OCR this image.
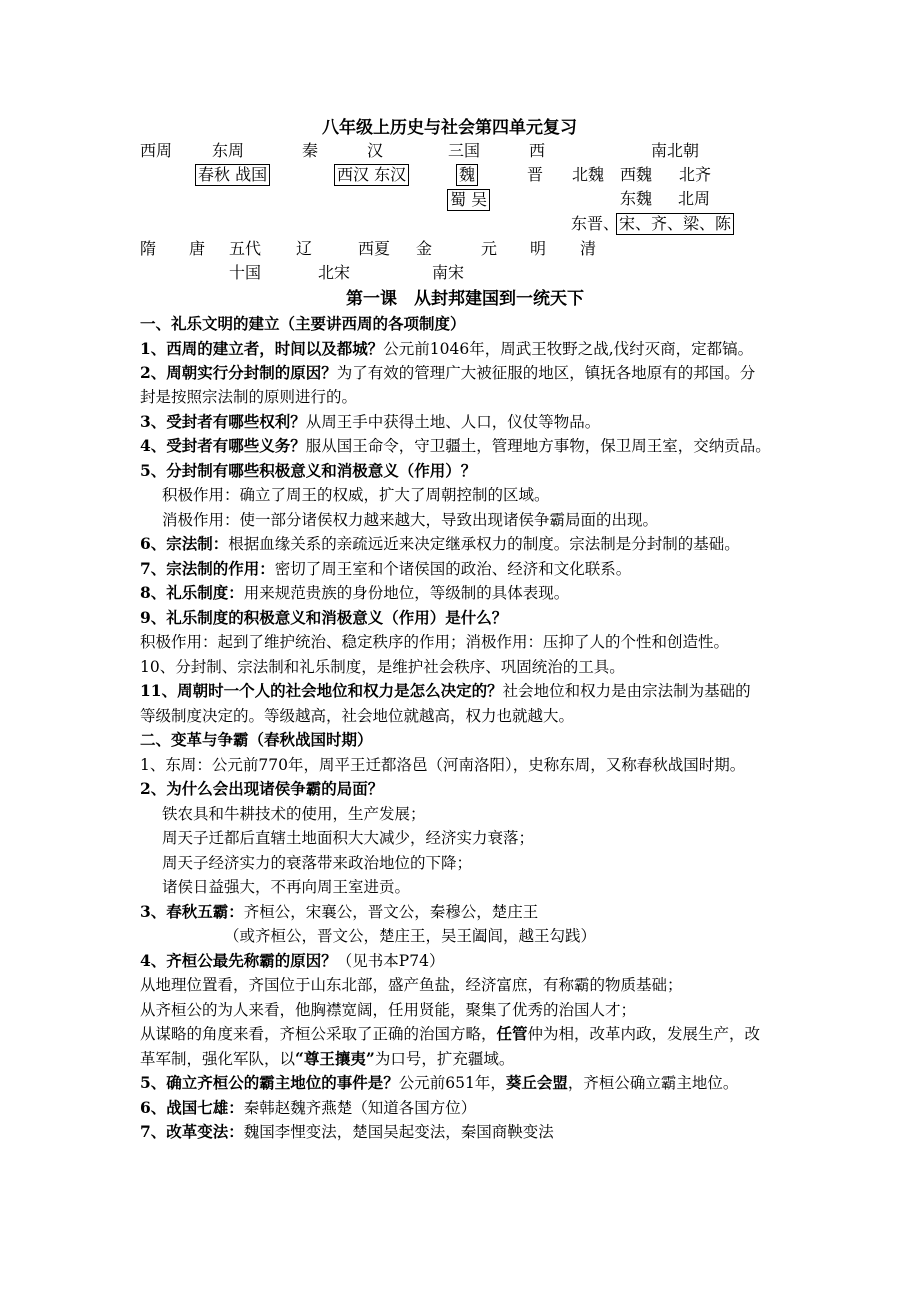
八年级上历史与社会第四单元复习
西周 东周	秦	汉	三国	西	南北朝
春秋 战国	西汉 东汉	魏	晋 北魏 西魏 北齐
蜀 吴	东魏 北周
东晋、 宋、齐、梁、陈
隋 唐 五代 辽	西夏 金	元 明 清
十国	北宋	南宋
第一课　从封邦建国到一统天下
一、礼乐文明的建立（主要讲西周的各项制度）
1、西周的建立者，时间以及都城？公元前1046年，周武王牧野之战,伐纣灭商，定都镐。
2、周朝实行分封制的原因？为了有效的管理广大被征服的地区，镇抚各地原有的邦国。分
封是按照宗法制的原则进行的。
3、受封者有哪些权利？从周王手中获得土地、人口，仪仗等物品。
4、受封者有哪些义务？服从国王命令，守卫疆土，管理地方事物，保卫周王室，交纳贡品。
5、分封制有哪些积极意义和消极意义（作用）？
积极作用：确立了周王的权威，扩大了周朝控制的区域。
消极作用：使一部分诸侯权力越来越大，导致出现诸侯争霸局面的出现。
6、宗法制：根据血缘关系的亲疏远近来决定继承权力的制度。宗法制是分封制的基础。
7、宗法制的作用：密切了周王室和个诸侯国的政治、经济和文化联系。
8、礼乐制度：用来规范贵族的身份地位，等级制的具体表现。
9、礼乐制度的积极意义和消极意义（作用）是什么？
积极作用：起到了维护统治、稳定秩序的作用；消极作用：压抑了人的个性和创造性。
10、分封制、宗法制和礼乐制度，是维护社会秩序、巩固统治的工具。
11、周朝时一个人的社会地位和权力是怎么决定的？社会地位和权力是由宗法制为基础的
等级制度决定的。等级越高，社会地位就越高，权力也就越大。
二、变革与争霸（春秋战国时期）
1、东周：公元前770年，周平王迁都洛邑（河南洛阳），史称东周，又称春秋战国时期。
2、为什么会出现诸侯争霸的局面？
铁农具和牛耕技术的使用，生产发展；
周天子迁都后直辖土地面积大大减少，经济实力衰落；
周天子经济实力的衰落带来政治地位的下降；
诸侯日益强大，不再向周王室进贡。
3、春秋五霸：齐桓公，宋襄公，晋文公，秦穆公，楚庄王
（或齐桓公，晋文公，楚庄王，吴王阖闾，越王勾践）
4、齐桓公最先称霸的原因？（见书本P74）
从地理位置看，齐国位于山东北部，盛产鱼盐，经济富庶，有称霸的物质基础；
从齐桓公的为人来看，他胸襟宽阔，任用贤能，聚集了优秀的治国人才；
从谋略的角度来看，齐桓公采取了正确的治国方略，任管仲为相，改革内政，发展生产，改
革军制，强化军队，以“尊王攘夷”为口号，扩充疆域。
5、确立齐桓公的霸主地位的事件是？公元前651年，葵丘会盟，齐桓公确立霸主地位。
6、战国七雄：秦韩赵魏齐燕楚（知道各国方位）
7、改革变法：魏国李悝变法，楚国吴起变法，秦国商鞅变法
